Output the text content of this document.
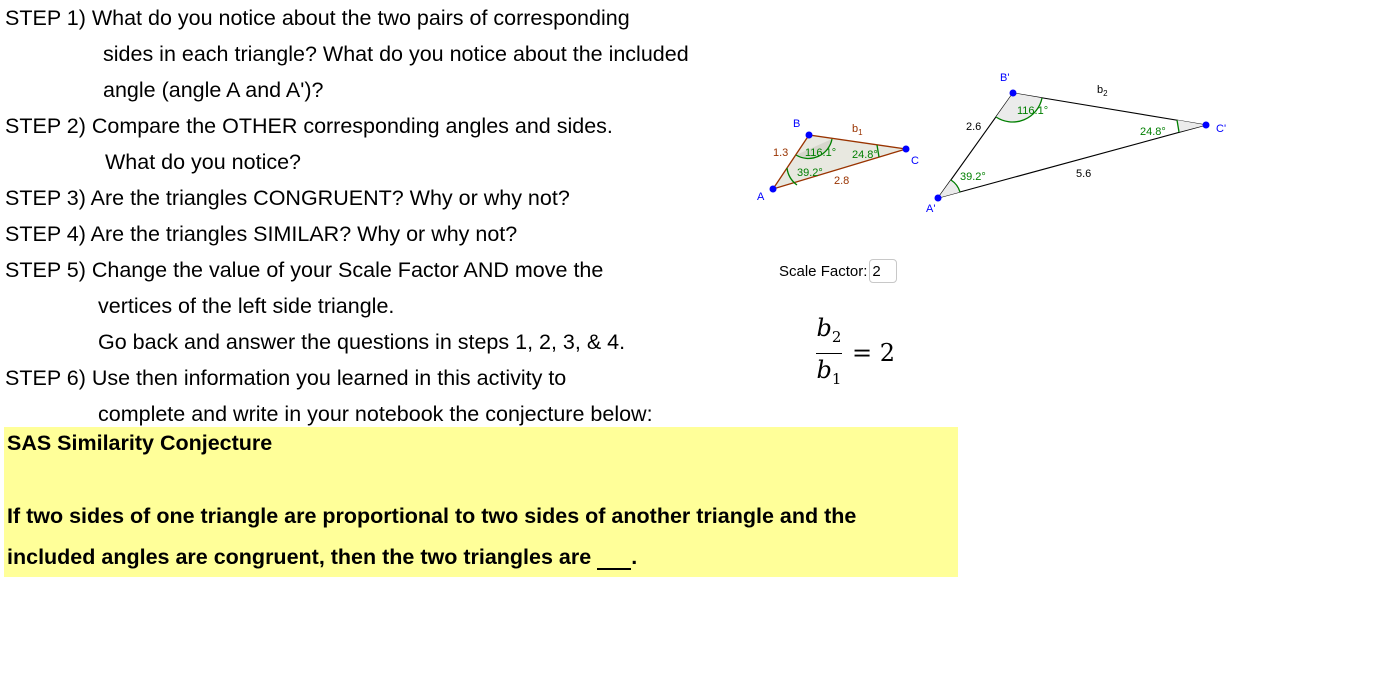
STEP 1) What do you notice about the two pairs of corresponding
sides in each triangle? What do you notice about the included
angle (angle A and A')?
STEP 2) Compare the OTHER corresponding angles and sides.
What do you notice?
STEP 3) Are the triangles CONGRUENT? Why or why not?
STEP 4) Are the triangles SIMILAR? Why or why not?
STEP 5) Change the value of your Scale Factor AND move the
vertices of the left side triangle.
Go back and answer the questions in steps 1, 2, 3, & 4.
STEP 6) Use then information you learned in this activity to
complete and write in your notebook the conjecture below:
SAS Similarity Conjecture
If two sides of one triangle are proportional to two sides of another triangle and the
included angles are congruent, then the two triangles are .
A
B
C
1.3
2.8
$b_1$
39.2°
116.1° 24.8°
A'
B'
C'
2.6
5.6
$b_2$
39.2°
116.1°
24.8°
Scale Factor:
2
$b_2$
$b_1$
= 2
